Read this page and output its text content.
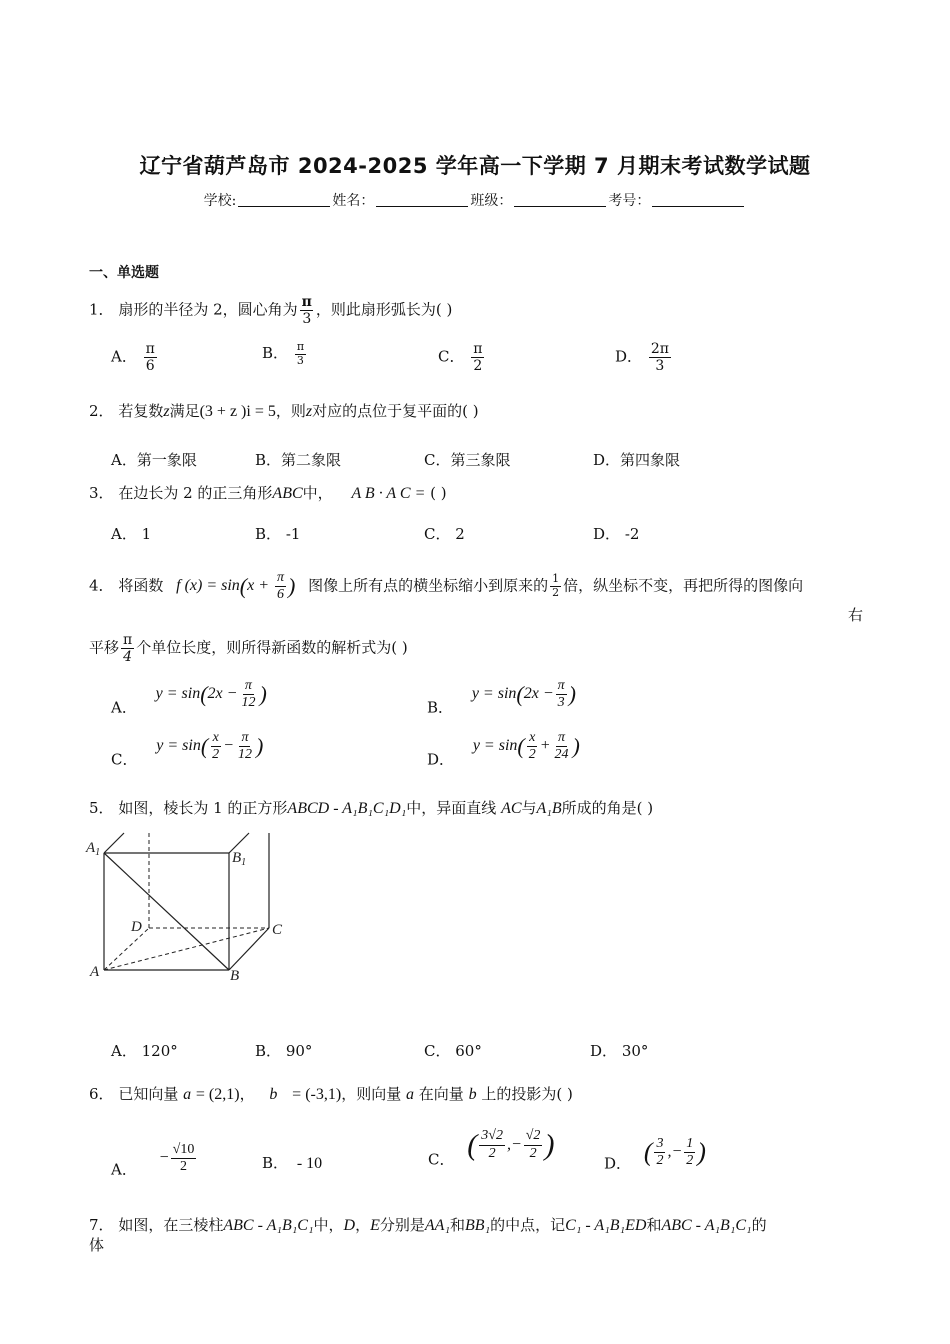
辽宁省葫芦岛市 2024-2025 学年高一下学期 7 月期末考试数学试题
学校:	姓名：	班级：	考号：
一、单选题
1． 扇形的半径为 2，圆心角为 $\frac{\pi}{3}$ ，则此扇形弧长为( )
A． $\frac{\pi}{6}$	B． $\frac{\pi}{3}$	C． $\frac{\pi}{2}$	D． $\frac{2\pi}{3}$
2． 若复数z满足(3 + z )i = 5，则z对应的点位于复平面的( )
A．第一象限	B．第二象限	C．第三象限	D．第四象限
3． 在边长为 2 的正三角形ABC中， A B · A C = ( )
A． 1	B． -1	C． 2	D． -2
4． 将函数 f $(x) = \sin(x + \frac{\pi}{6}$ ) 图像上所有点的横坐标缩小到原来的 $\frac{1}{2}$ 倍，纵坐标不变，再把所得的图像向
右
平移 $\frac{\pi}{4}$ 个单位长度，则所得新函数的解析式为( )
A． $y = \sin(2x - \frac{\pi}{12}$ )
B． $y = \sin(2x - \frac{\pi}{3}$ )
C． $y = \sin( \frac{x}{2} - \frac{\pi}{12}$ )
D． $y = \sin( \frac{x}{2} + \frac{\pi}{24}$ )
5． 如图，棱长为 1 的正方形ABCD - A₁B₁C₁D₁中，异面直线 AC与A₁B所成的角是( )
$A_1$	$B_1$
D	C
A	B
A． 120°	B． 90°	C． 60°	D． 30°
6． 已知向量 a = (2,1)， b = (-3,1)，则向量 a 在向量 b 上的投影为( )
A． − $\frac{√10}{2}$	B． - 10	C． ( $\frac{3√2}{2}$ ,− $\frac{√2}{2}$ )
D． ( $\frac{3}{2}$ ,− $\frac{1}{2}$ )
7． 如图，在三棱柱ABC - A₁B₁C₁中，D，E分别是AA₁和BB₁的中点，记C₁ - A₁B₁ED和ABC - A₁B₁C₁的
体
